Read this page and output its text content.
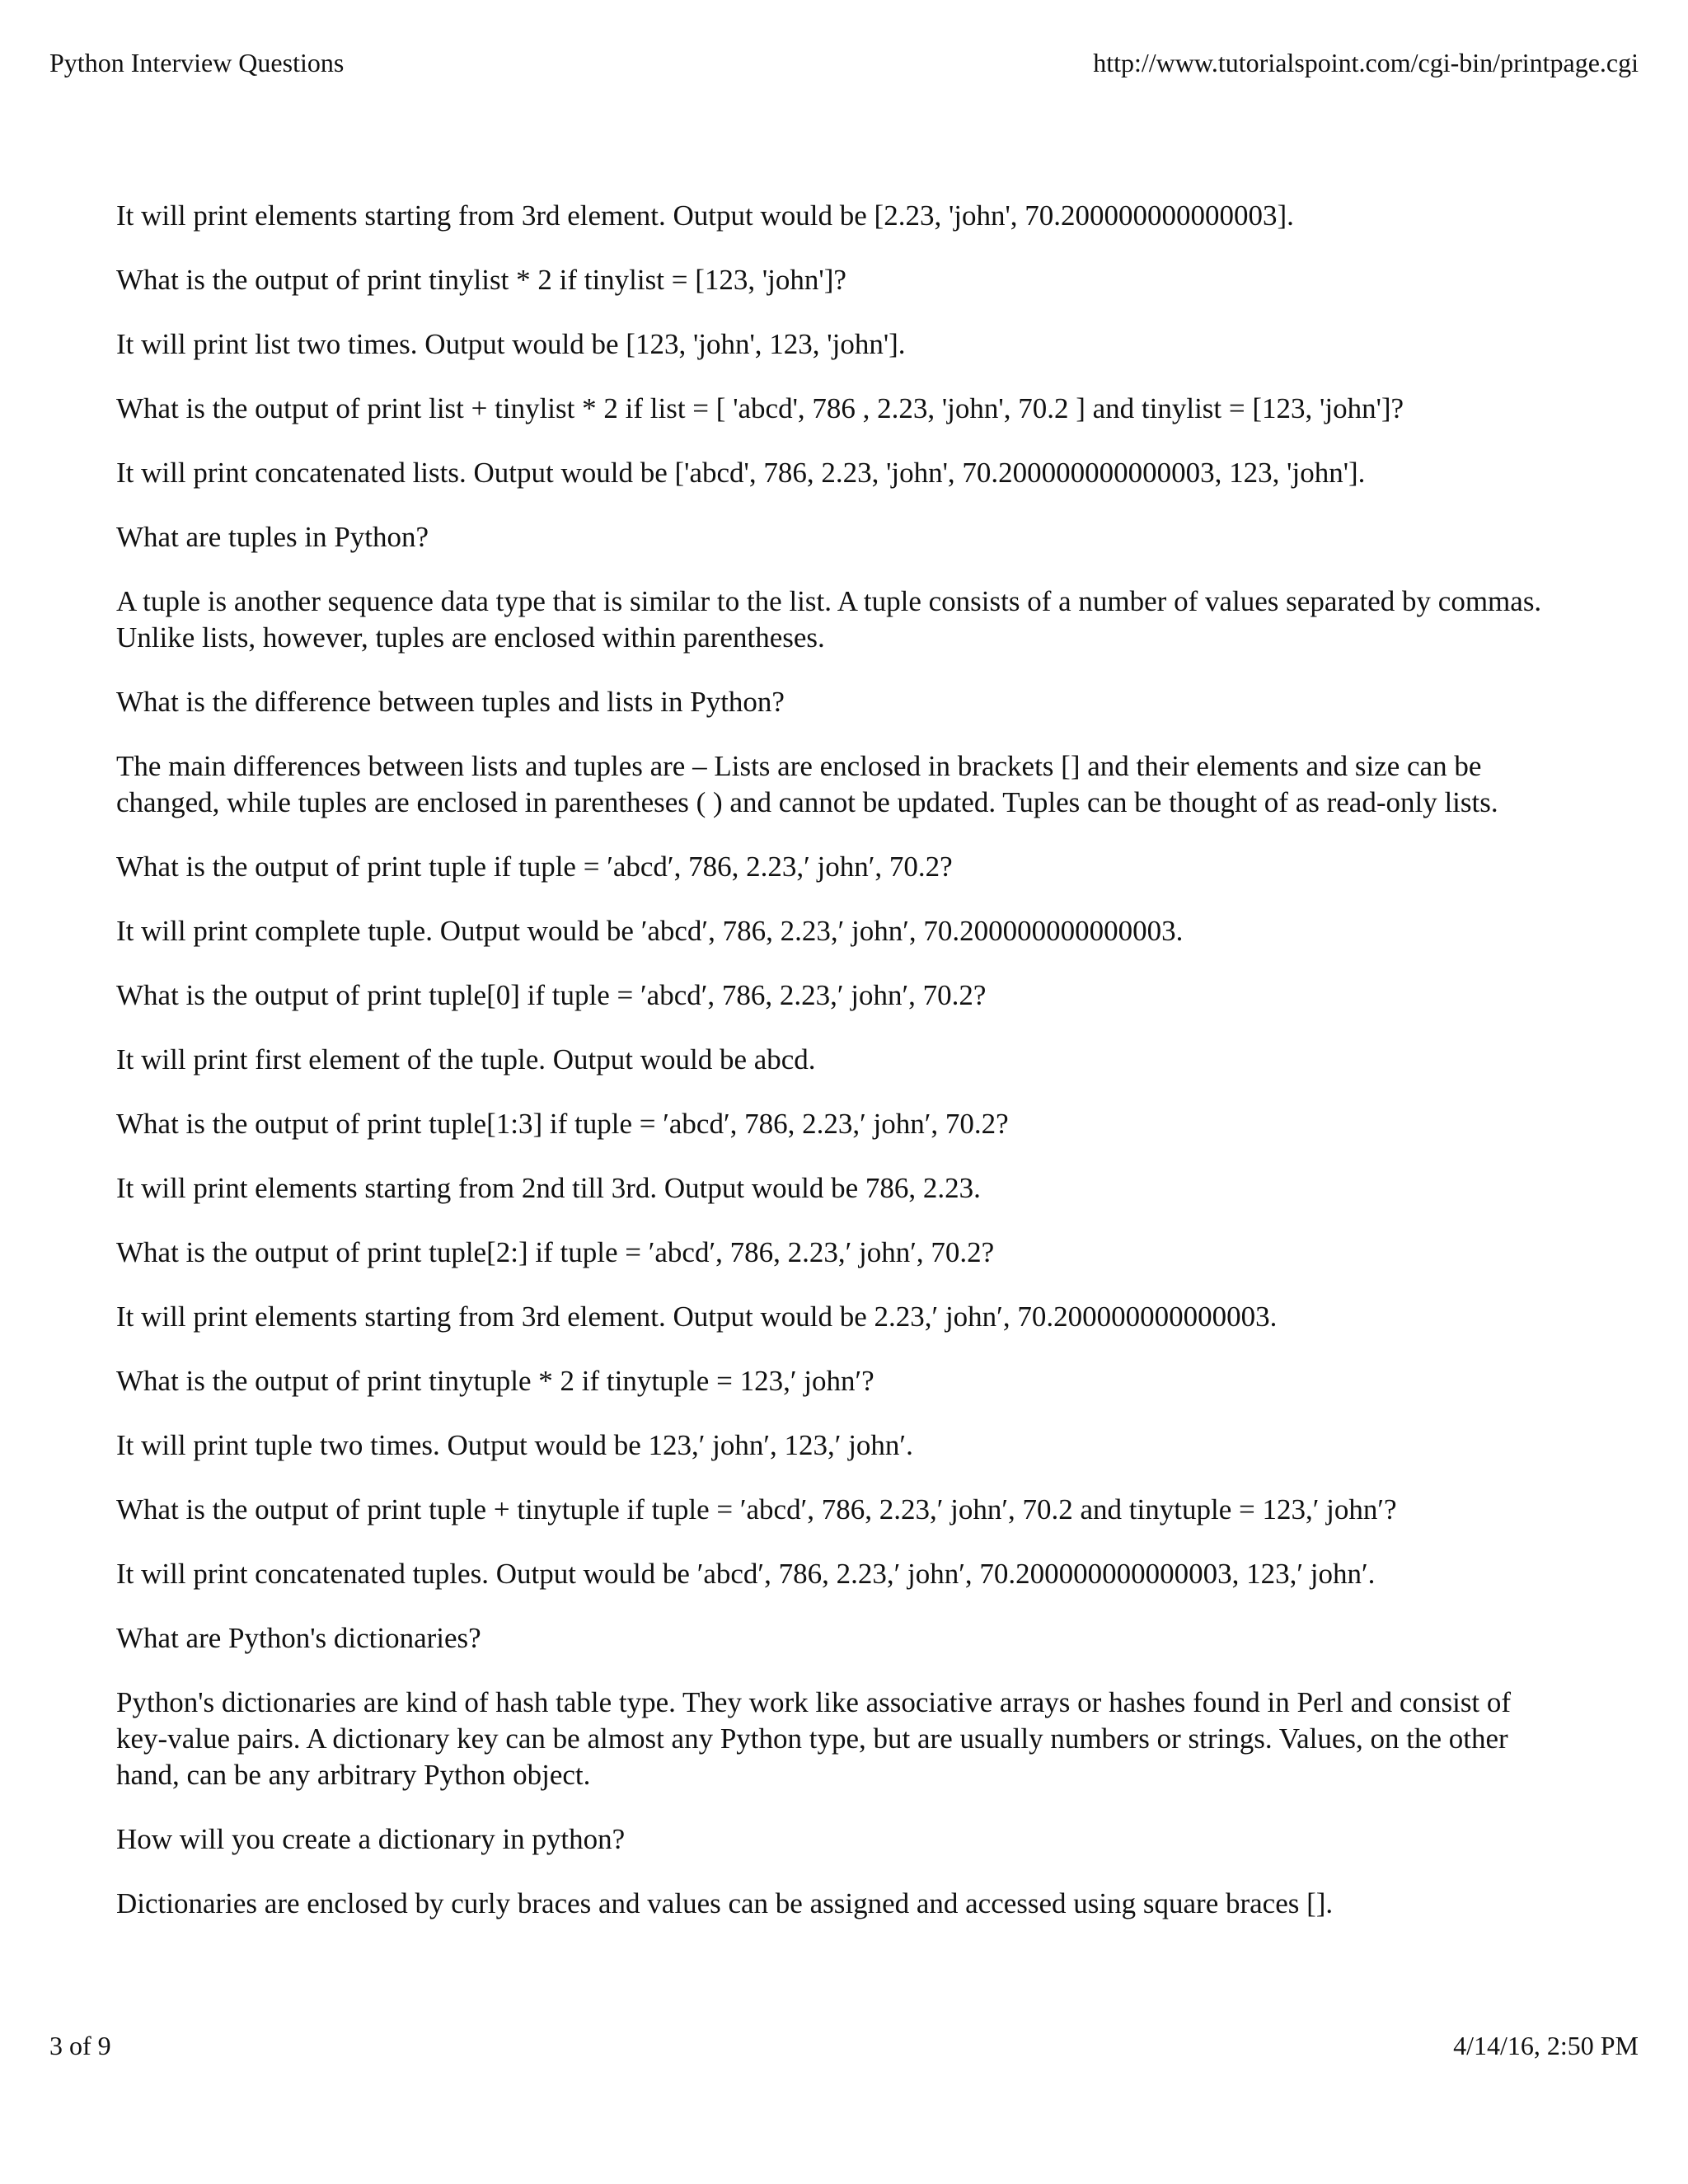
Python Interview Questions	http://www.tutorialspoint.com/cgi-bin/printpage.cgi

It will print elements starting from 3rd element. Output would be [2.23, 'john', 70.200000000000003].

What is the output of print tinylist * 2 if tinylist = [123, 'john']?

It will print list two times. Output would be [123, 'john', 123, 'john'].

What is the output of print list + tinylist * 2 if list = [ 'abcd', 786 , 2.23, 'john', 70.2 ] and tinylist = [123, 'john']?

It will print concatenated lists. Output would be ['abcd', 786, 2.23, 'john', 70.200000000000003, 123, 'john'].

What are tuples in Python?

A tuple is another sequence data type that is similar to the list. A tuple consists of a number of values separated by commas. Unlike lists, however, tuples are enclosed within parentheses.

What is the difference between tuples and lists in Python?

The main differences between lists and tuples are – Lists are enclosed in brackets [] and their elements and size can be changed, while tuples are enclosed in parentheses ( ) and cannot be updated. Tuples can be thought of as read-only lists.

What is the output of print tuple if tuple = ′abcd′, 786, 2.23,′ john′, 70.2?

It will print complete tuple. Output would be ′abcd′, 786, 2.23,′ john′, 70.200000000000003.

What is the output of print tuple[0] if tuple = ′abcd′, 786, 2.23,′ john′, 70.2?

It will print first element of the tuple. Output would be abcd.

What is the output of print tuple[1:3] if tuple = ′abcd′, 786, 2.23,′ john′, 70.2?

It will print elements starting from 2nd till 3rd. Output would be 786, 2.23.

What is the output of print tuple[2:] if tuple = ′abcd′, 786, 2.23,′ john′, 70.2?

It will print elements starting from 3rd element. Output would be 2.23,′ john′, 70.200000000000003.

What is the output of print tinytuple * 2 if tinytuple = 123,′ john′?

It will print tuple two times. Output would be 123,′ john′, 123,′ john′.

What is the output of print tuple + tinytuple if tuple = ′abcd′, 786, 2.23,′ john′, 70.2 and tinytuple = 123,′ john′?

It will print concatenated tuples. Output would be ′abcd′, 786, 2.23,′ john′, 70.200000000000003, 123,′ john′.

What are Python's dictionaries?

Python's dictionaries are kind of hash table type. They work like associative arrays or hashes found in Perl and consist of key-value pairs. A dictionary key can be almost any Python type, but are usually numbers or strings. Values, on the other hand, can be any arbitrary Python object.

How will you create a dictionary in python?

Dictionaries are enclosed by curly braces and values can be assigned and accessed using square braces [].

3 of 9	4/14/16, 2:50 PM
